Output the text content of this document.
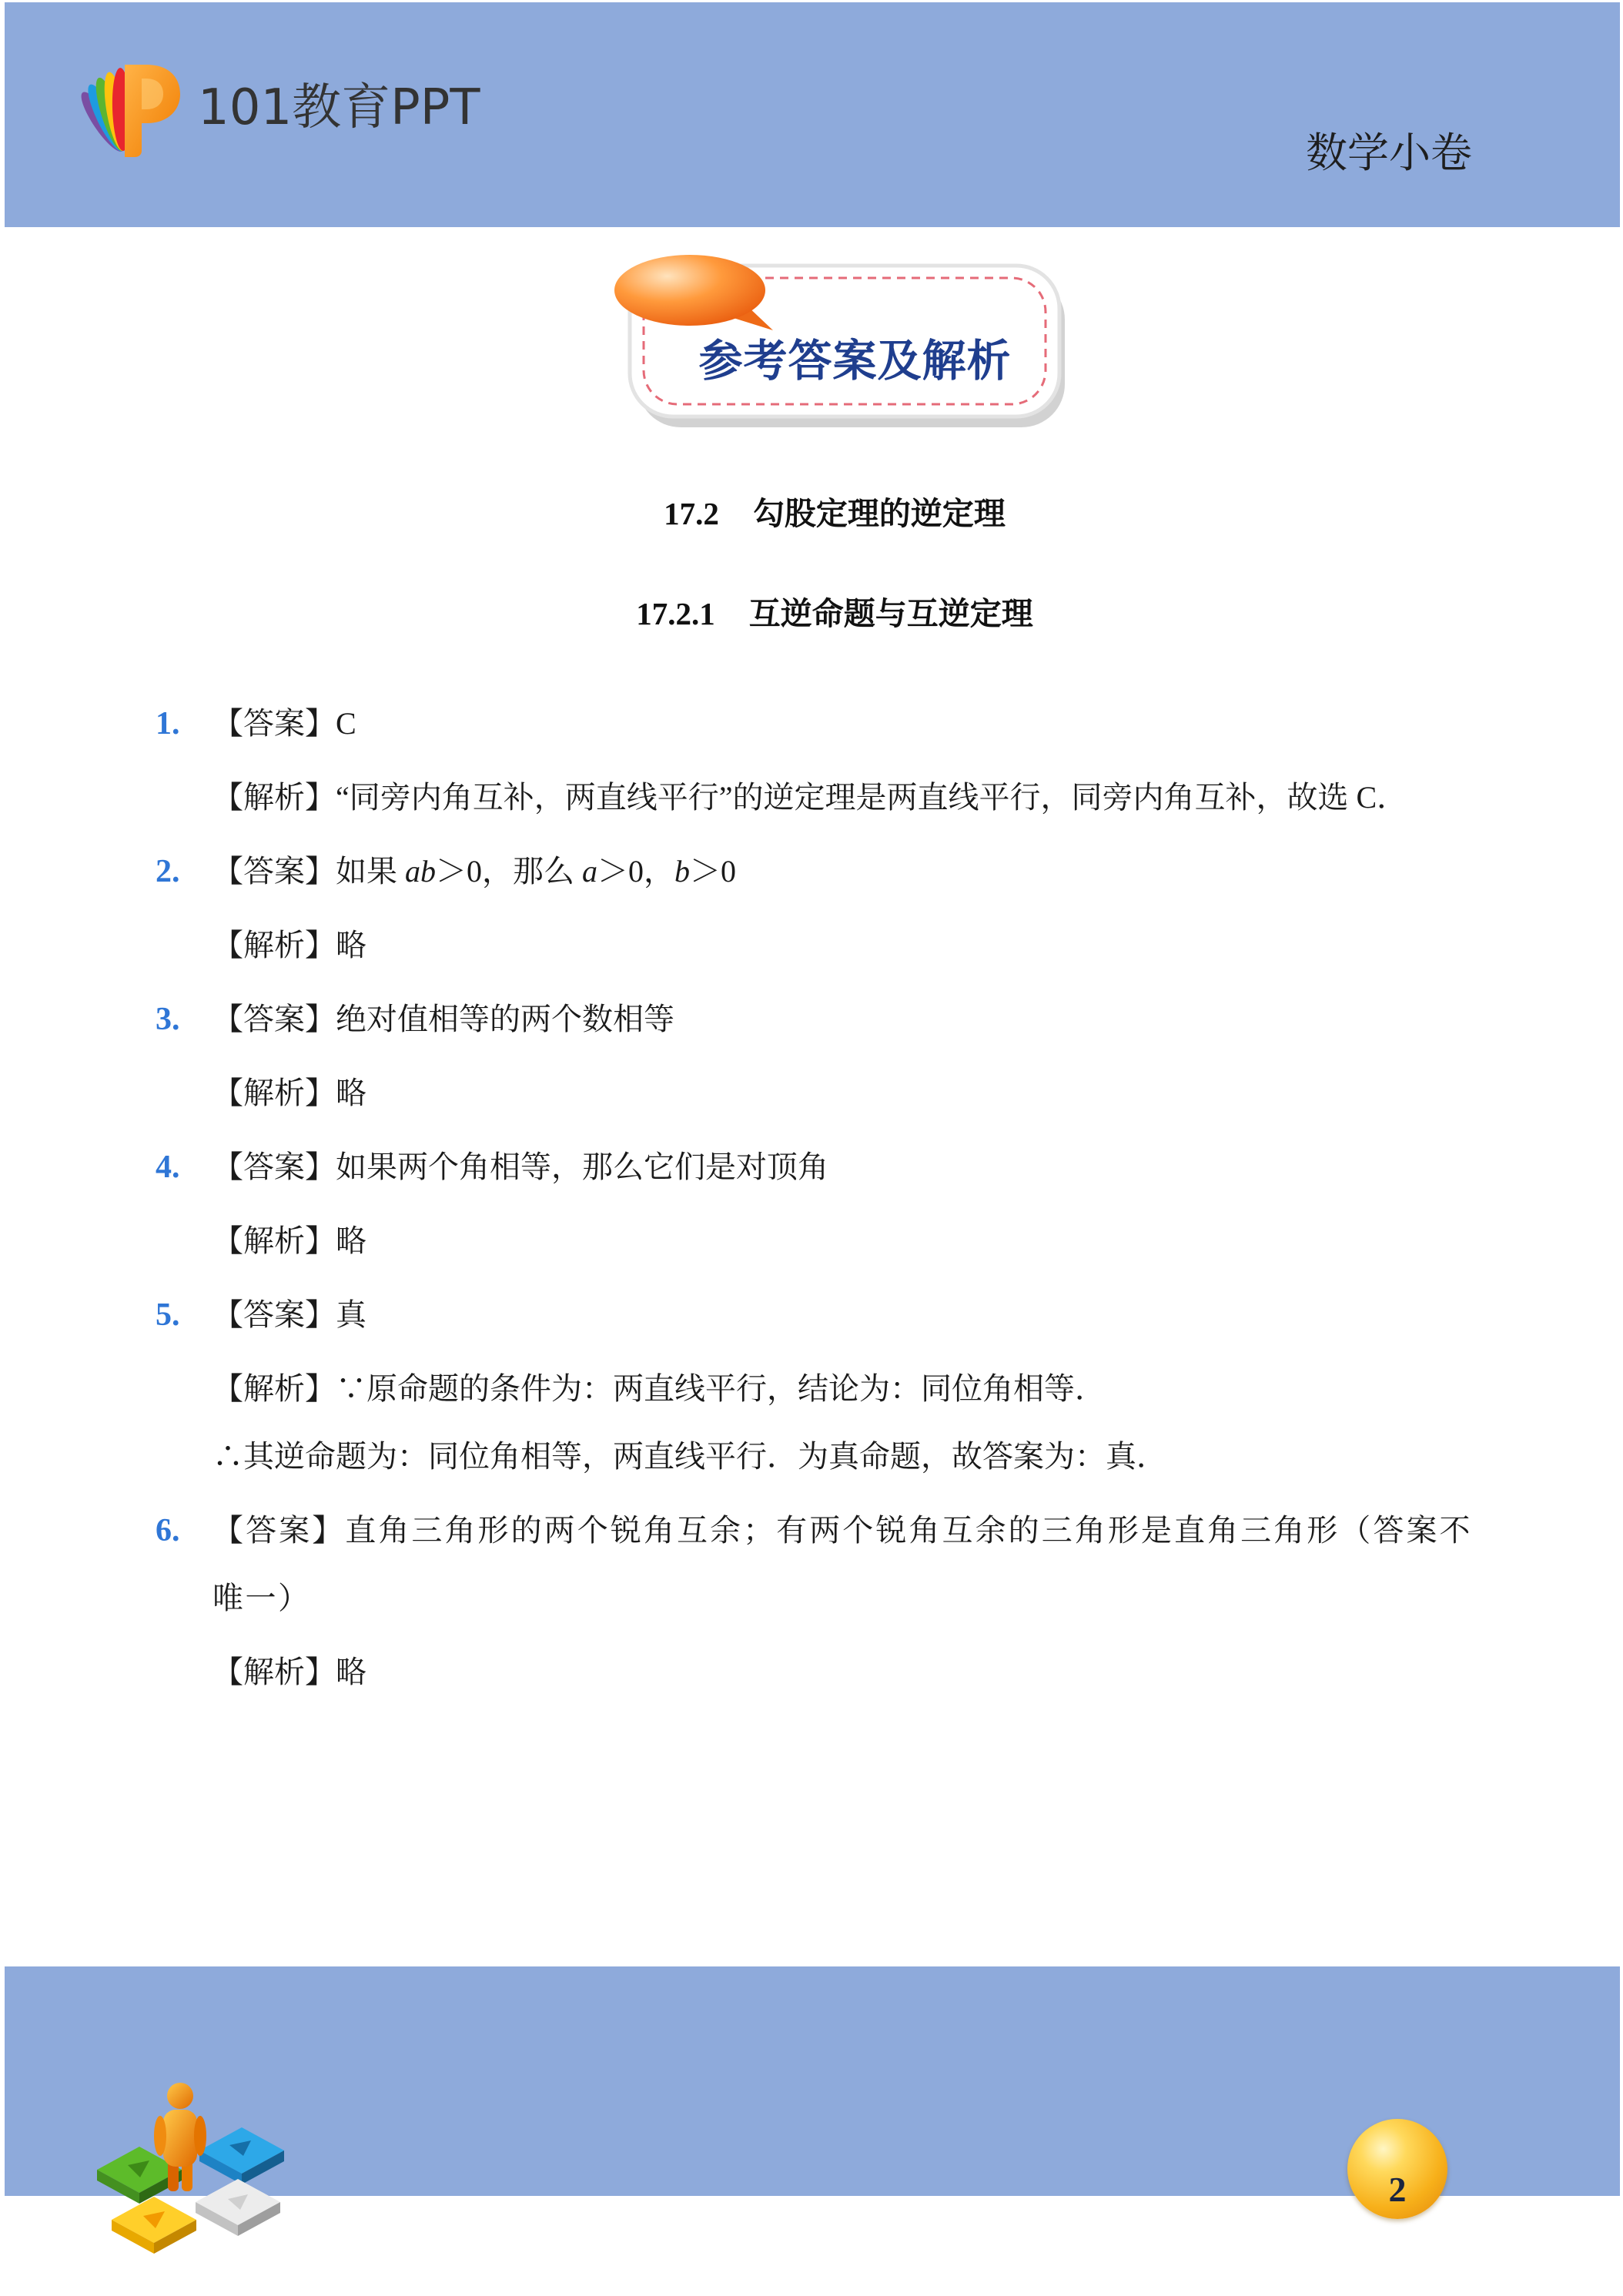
101教育PPT
数学小卷
参考答案及解析
17.2 勾股定理的逆定理
17.2.1 互逆命题与互逆定理
1. 【答案】C
【解析】“同旁内角互补，两直线平行”的逆定理是两直线平行，同旁内角互补，故选 C．
2. 【答案】如果 ab＞0，那么 a＞0，b＞0
【解析】略
3. 【答案】绝对值相等的两个数相等
【解析】略
4. 【答案】如果两个角相等，那么它们是对顶角
【解析】略
5. 【答案】真
【解析】∵原命题的条件为：两直线平行，结论为：同位角相等．
∴其逆命题为：同位角相等，两直线平行．为真命题，故答案为：真．
6. 【答案】直角三角形的两个锐角互余；有两个锐角互余的三角形是直角三角形（答案不唯一）
【解析】略
2
